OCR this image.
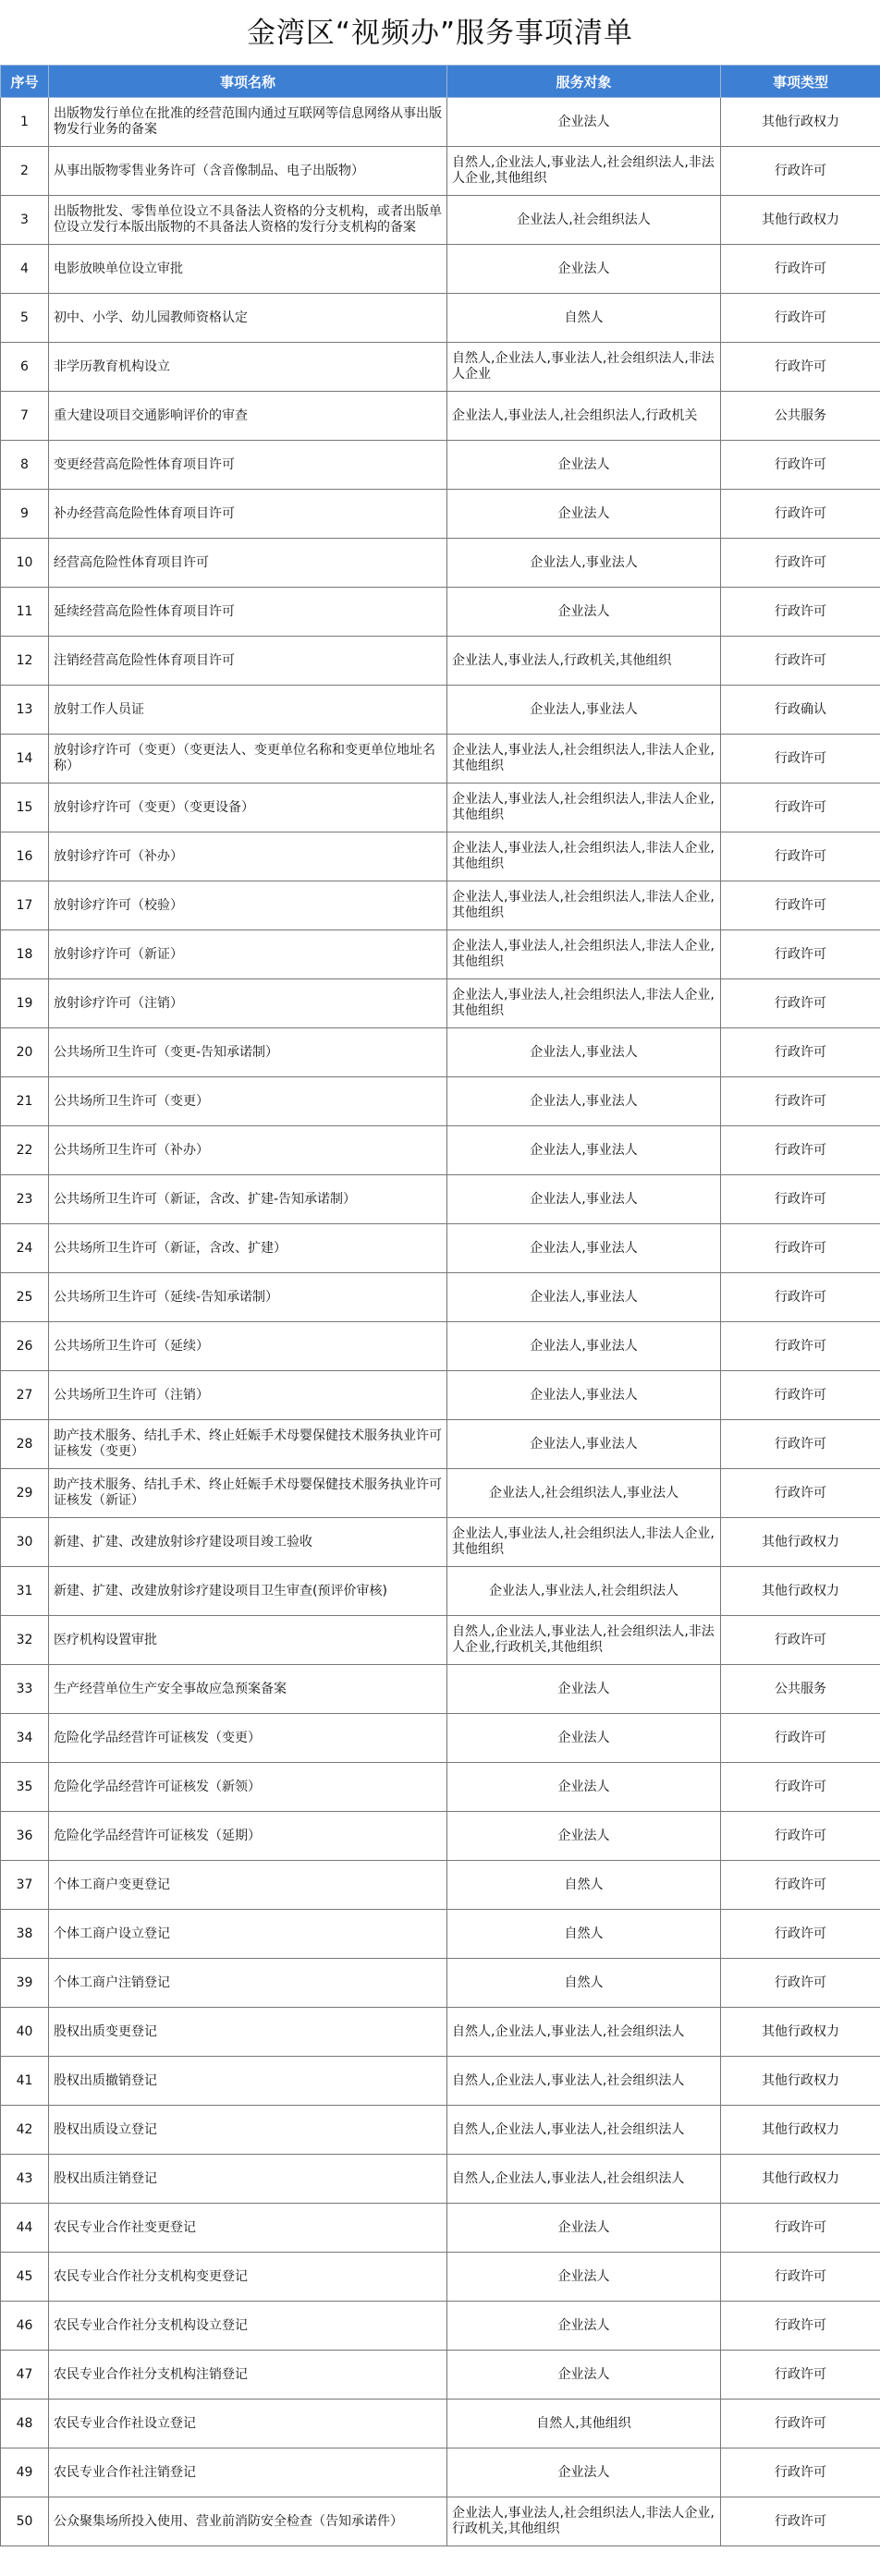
金湾区“视频办”服务事项清单
序号	事项名称	服务对象	事项类型
1	出版物发行单位在批准的经营范围内通过互联网等信息网络从事出版物发行业务的备案	企业法人	其他行政权力
2	从事出版物零售业务许可（含音像制品、电子出版物）	自然人,企业法人,事业法人,社会组织法人,非法人企业,其他组织	行政许可
3	出版物批发、零售单位设立不具备法人资格的分支机构，或者出版单位设立发行本版出版物的不具备法人资格的发行分支机构的备案	企业法人,社会组织法人	其他行政权力
4	电影放映单位设立审批	企业法人	行政许可
5	初中、小学、幼儿园教师资格认定	自然人	行政许可
6	非学历教育机构设立	自然人,企业法人,事业法人,社会组织法人,非法人企业	行政许可
7	重大建设项目交通影响评价的审查	企业法人,事业法人,社会组织法人,行政机关	公共服务
8	变更经营高危险性体育项目许可	企业法人	行政许可
9	补办经营高危险性体育项目许可	企业法人	行政许可
10	经营高危险性体育项目许可	企业法人,事业法人	行政许可
11	延续经营高危险性体育项目许可	企业法人	行政许可
12	注销经营高危险性体育项目许可	企业法人,事业法人,行政机关,其他组织	行政许可
13	放射工作人员证	企业法人,事业法人	行政确认
14	放射诊疗许可（变更）（变更法人、变更单位名称和变更单位地址名称）	企业法人,事业法人,社会组织法人,非法人企业,其他组织	行政许可
15	放射诊疗许可（变更）（变更设备）	企业法人,事业法人,社会组织法人,非法人企业,其他组织	行政许可
16	放射诊疗许可（补办）	企业法人,事业法人,社会组织法人,非法人企业,其他组织	行政许可
17	放射诊疗许可（校验）	企业法人,事业法人,社会组织法人,非法人企业,其他组织	行政许可
18	放射诊疗许可（新证）	企业法人,事业法人,社会组织法人,非法人企业,其他组织	行政许可
19	放射诊疗许可（注销）	企业法人,事业法人,社会组织法人,非法人企业,其他组织	行政许可
20	公共场所卫生许可（变更-告知承诺制）	企业法人,事业法人	行政许可
21	公共场所卫生许可（变更）	企业法人,事业法人	行政许可
22	公共场所卫生许可（补办）	企业法人,事业法人	行政许可
23	公共场所卫生许可（新证，含改、扩建-告知承诺制）	企业法人,事业法人	行政许可
24	公共场所卫生许可（新证，含改、扩建）	企业法人,事业法人	行政许可
25	公共场所卫生许可（延续-告知承诺制）	企业法人,事业法人	行政许可
26	公共场所卫生许可（延续）	企业法人,事业法人	行政许可
27	公共场所卫生许可（注销）	企业法人,事业法人	行政许可
28	助产技术服务、结扎手术、终止妊娠手术母婴保健技术服务执业许可证核发（变更）	企业法人,事业法人	行政许可
29	助产技术服务、结扎手术、终止妊娠手术母婴保健技术服务执业许可证核发（新证）	企业法人,社会组织法人,事业法人	行政许可
30	新建、扩建、改建放射诊疗建设项目竣工验收	企业法人,事业法人,社会组织法人,非法人企业,其他组织	其他行政权力
31	新建、扩建、改建放射诊疗建设项目卫生审查(预评价审核)	企业法人,事业法人,社会组织法人	其他行政权力
32	医疗机构设置审批	自然人,企业法人,事业法人,社会组织法人,非法人企业,行政机关,其他组织	行政许可
33	生产经营单位生产安全事故应急预案备案	企业法人	公共服务
34	危险化学品经营许可证核发（变更）	企业法人	行政许可
35	危险化学品经营许可证核发（新领）	企业法人	行政许可
36	危险化学品经营许可证核发（延期）	企业法人	行政许可
37	个体工商户变更登记	自然人	行政许可
38	个体工商户设立登记	自然人	行政许可
39	个体工商户注销登记	自然人	行政许可
40	股权出质变更登记	自然人,企业法人,事业法人,社会组织法人	其他行政权力
41	股权出质撤销登记	自然人,企业法人,事业法人,社会组织法人	其他行政权力
42	股权出质设立登记	自然人,企业法人,事业法人,社会组织法人	其他行政权力
43	股权出质注销登记	自然人,企业法人,事业法人,社会组织法人	其他行政权力
44	农民专业合作社变更登记	企业法人	行政许可
45	农民专业合作社分支机构变更登记	企业法人	行政许可
46	农民专业合作社分支机构设立登记	企业法人	行政许可
47	农民专业合作社分支机构注销登记	企业法人	行政许可
48	农民专业合作社设立登记	自然人,其他组织	行政许可
49	农民专业合作社注销登记	企业法人	行政许可
50	公众聚集场所投入使用、营业前消防安全检查（告知承诺件）	企业法人,事业法人,社会组织法人,非法人企业,行政机关,其他组织	行政许可
